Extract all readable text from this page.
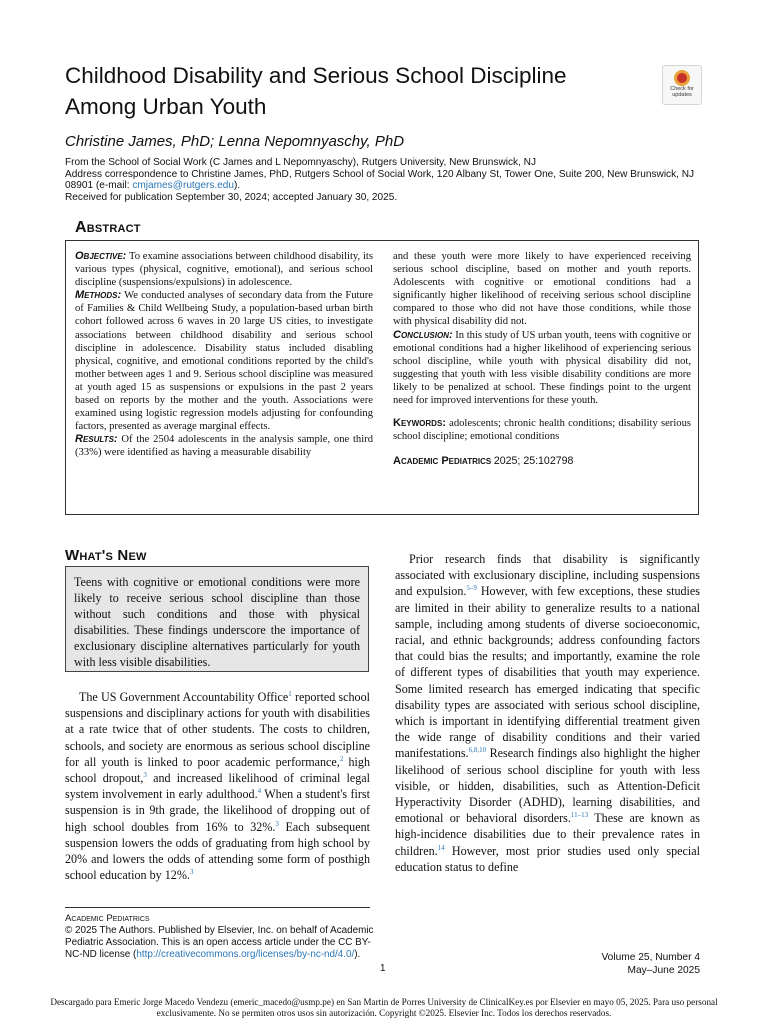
Childhood Disability and Serious School Discipline
Among Urban Youth
Check for
updates
Christine James, PhD; Lenna Nepomnyaschy, PhD
From the School of Social Work (C James and L Nepomnyaschy), Rutgers University, New Brunswick, NJ
Address correspondence to Christine James, PhD, Rutgers School of Social Work, 120 Albany St, Tower One, Suite 200, New Brunswick, NJ 08901 (e-mail: cmjames@rutgers.edu).
Received for publication September 30, 2024; accepted January 30, 2025.
Abstract

Objective: To examine associations between childhood disability, its various types (physical, cognitive, emotional), and serious school discipline (suspensions/expulsions) in adolescence.

Methods: We conducted analyses of secondary data from the Future of Families & Child Wellbeing Study, a population-based urban birth cohort followed across 6 waves in 20 large US cities, to investigate associations between childhood disability and serious school discipline in adolescence. Disability status included disabling physical, cognitive, and emotional conditions reported by the child's mother between ages 1 and 9. Serious school discipline was measured at youth aged 15 as suspensions or expulsions in the past 2 years based on reports by the mother and the youth. Associations were examined using logistic regression models adjusting for confounding factors, presented as average marginal effects.

Results: Of the 2504 adolescents in the analysis sample, one third (33%) were identified as having a measurable disability

and these youth were more likely to have experienced receiving serious school discipline, based on mother and youth reports. Adolescents with cognitive or emotional conditions had a significantly higher likelihood of receiving serious school discipline compared to those who did not have those conditions, while those with physical disability did not.

Conclusion: In this study of US urban youth, teens with cognitive or emotional conditions had a higher likelihood of experiencing serious school discipline, while youth with physical disability did not, suggesting that youth with less visible disability conditions are more likely to be penalized at school. These findings point to the urgent need for improved interventions for these youth.

Keywords: adolescents; chronic health conditions; disability serious school discipline; emotional conditions

Academic Pediatrics 2025; 25:102798

What's New
Teens with cognitive or emotional conditions were more likely to receive serious school discipline than those without such conditions and those with physical disabilities. These findings underscore the importance of exclusionary discipline alternatives particularly for youth with less visible disabilities.

The US Government Accountability Office$^1$ reported school suspensions and disciplinary actions for youth with disabilities at a rate twice that of other students. The costs to children, schools, and society are enormous as serious school discipline for all youth is linked to poor academic performance,$^2$ high school dropout,$^3$ and increased likelihood of criminal legal system involvement in early adulthood.$^4$ When a student's first suspension is in 9th grade, the likelihood of dropping out of high school doubles from 16% to 32%.$^3$ Each subsequent suspension lowers the odds of graduating from high school by 20% and lowers the odds of attending some form of posthigh school education by 12%.$^3$

Prior research finds that disability is significantly associated with exclusionary discipline, including suspensions and expulsion.$^{5-9}$ However, with few exceptions, these studies are limited in their ability to generalize results to a national sample, including among students of diverse socioeconomic, racial, and ethnic backgrounds; address confounding factors that could bias the results; and importantly, examine the role of different types of disabilities that youth may experience. Some limited research has emerged indicating that specific disability types are associated with serious school discipline, which is important in identifying differential treatment given the wide range of disability conditions and their varied manifestations.$^{6,8,10}$ Research findings also highlight the higher likelihood of serious school discipline for youth with less visible, or hidden, disabilities, such as Attention-Deficit Hyperactivity Disorder (ADHD), learning disabilities, and emotional or behavioral disorders.$^{11-13}$ These are known as high-incidence disabilities due to their prevalence rates in children.$^{14}$ However, most prior studies used only special education status to define

Academic Pediatrics
© 2025 The Authors. Published by Elsevier, Inc. on behalf of Academic Pediatric Association. This is an open access article under the CC BY-NC-ND license (http://creativecommons.org/licenses/by-nc-nd/4.0/).
1
Volume 25, Number 4
May–June 2025
Descargado para Emeric Jorge Macedo Vendezu (emeric_macedo@usmp.pe) en San Martin de Porres University de ClinicalKey.es por Elsevier en mayo 05, 2025. Para uso personal exclusivamente. No se permiten otros usos sin autorización. Copyright ©2025. Elsevier Inc. Todos los derechos reservados.
